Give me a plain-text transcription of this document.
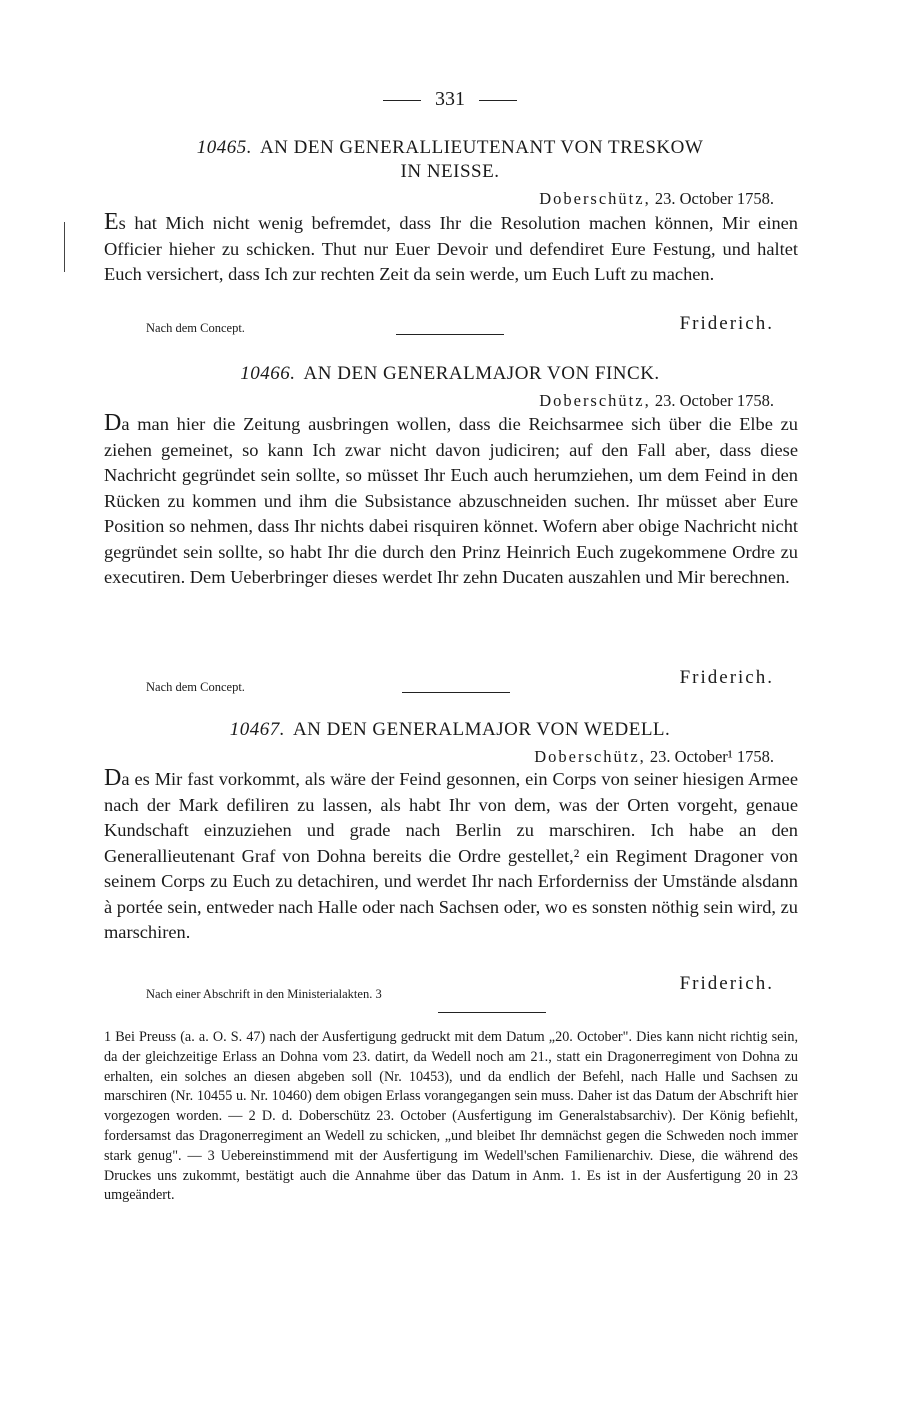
331
10465. AN DEN GENERALLIEUTENANT VON TRESKOW
IN NEISSE.
Doberschütz, 23. October 1758.
Es hat Mich nicht wenig befremdet, dass Ihr die Resolution machen können, Mir einen Officier hieher zu schicken. Thut nur Euer Devoir und defendiret Eure Festung, und haltet Euch versichert, dass Ich zur rechten Zeit da sein werde, um Euch Luft zu machen.
Nach dem Concept.	Friderich.
10466. AN DEN GENERALMAJOR VON FINCK.
Doberschütz, 23. October 1758.
Da man hier die Zeitung ausbringen wollen, dass die Reichsarmee sich über die Elbe zu ziehen gemeinet, so kann Ich zwar nicht davon judiciren; auf den Fall aber, dass diese Nachricht gegründet sein sollte, so müsset Ihr Euch auch herumziehen, um dem Feind in den Rücken zu kommen und ihm die Subsistance abzuschneiden suchen. Ihr müsset aber Eure Position so nehmen, dass Ihr nichts dabei risquiren könnet. Wofern aber obige Nachricht nicht gegründet sein sollte, so habt Ihr die durch den Prinz Heinrich Euch zugekommene Ordre zu executiren. Dem Ueberbringer dieses werdet Ihr zehn Ducaten auszahlen und Mir berechnen.
Nach dem Concept.	Friderich.
10467. AN DEN GENERALMAJOR VON WEDELL.
Doberschütz, 23. October¹ 1758.
Da es Mir fast vorkommt, als wäre der Feind gesonnen, ein Corps von seiner hiesigen Armee nach der Mark defiliren zu lassen, als habt Ihr von dem, was der Orten vorgeht, genaue Kundschaft einzuziehen und grade nach Berlin zu marschiren. Ich habe an den Generallieutenant Graf von Dohna bereits die Ordre gestellet,² ein Regiment Dragoner von seinem Corps zu Euch zu detachiren, und werdet Ihr nach Erforderniss der Umstände alsdann à portée sein, entweder nach Halle oder nach Sachsen oder, wo es sonsten nöthig sein wird, zu marschiren.
Nach einer Abschrift in den Ministerialakten. 3	Friderich.
1 Bei Preuss (a. a. O. S. 47) nach der Ausfertigung gedruckt mit dem Datum „20. October". Dies kann nicht richtig sein, da der gleichzeitige Erlass an Dohna vom 23. datirt, da Wedell noch am 21., statt ein Dragonerregiment von Dohna zu erhalten, ein solches an diesen abgeben soll (Nr. 10453), und da endlich der Befehl, nach Halle und Sachsen zu marschiren (Nr. 10455 u. Nr. 10460) dem obigen Erlass vorangegangen sein muss. Daher ist das Datum der Abschrift hier vorgezogen worden. — 2 D. d. Doberschütz 23. October (Ausfertigung im Generalstabsarchiv). Der König befiehlt, fordersamst das Dragonerregiment an Wedell zu schicken, „und bleibet Ihr demnächst gegen die Schweden noch immer stark genug". — 3 Uebereinstimmend mit der Ausfertigung im Wedell'schen Familienarchiv. Diese, die während des Druckes uns zukommt, bestätigt auch die Annahme über das Datum in Anm. 1. Es ist in der Ausfertigung 20 in 23 umgeändert.
